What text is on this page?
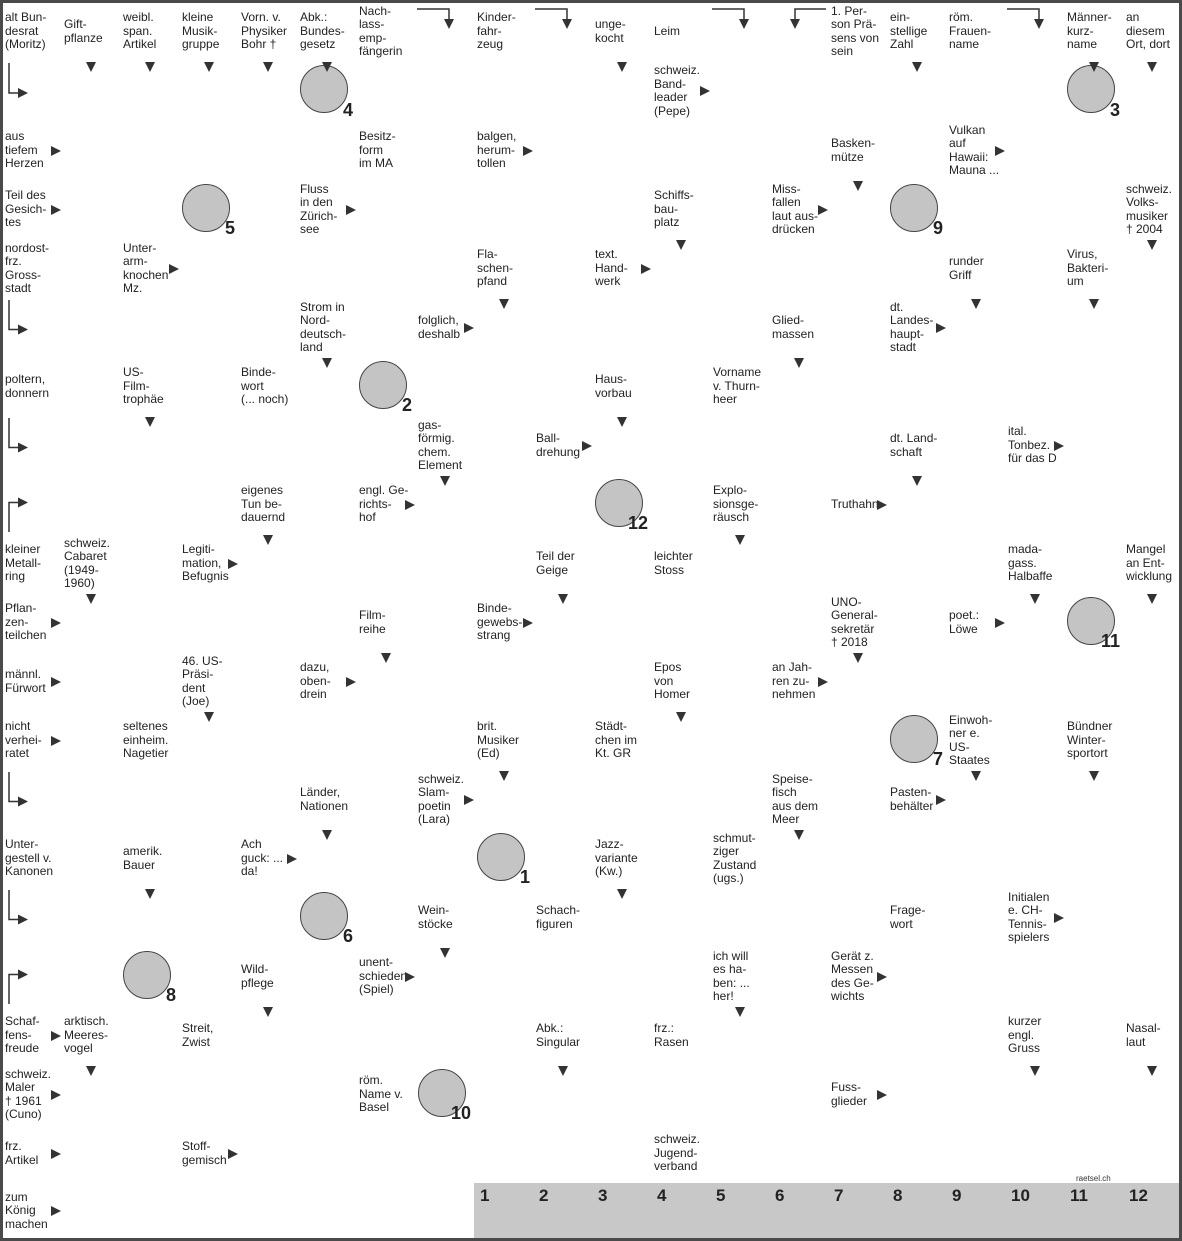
alt Bun-
desrat
(Moritz)
Gift-
pflanze
weibl.
span.
Artikel
kleine
Musik-
gruppe
Vorn. v.
Physiker
Bohr †
Abk.:
Bundes-
gesetz
Nach-
lass-
emp-
fängerin
Kinder-
fahr-
zeug
unge-
kocht	Leim
1. Per-
son Prä-
sens von
sein
ein-
stellige
Zahl
röm.
Frauen-
name
Männer-
kurz-
name
an
diesem
Ort, dort
4
schweiz.
Band-
leader
(Pepe)	3
aus
tiefem
Herzen
Besitz-
form
im MA
balgen,
herum-
tollen
Basken-
mütze
Vulkan
auf
Hawaii:
Mauna ...
Teil des
Gesich-
tes	5
Fluss
in den
Zürich-
see
Schiffs-
bau-
platz
Miss-
fallen
laut aus-
drücken	9
schweiz.
Volks-
musiker
† 2004
nordost-
frz.
Gross-
stadt
Unter-
arm-
knochen
Mz.
Fla-
schen-
pfand
text.
Hand-
werk
runder
Griff
Virus,
Bakteri-
um
Strom in
Nord-
deutsch-
land
folglich,
deshalb
Glied-
massen
dt.
Landes-
haupt-
stadt
poltern,
donnern
US-
Film-
trophäe
Binde-
wort
(... noch)	2
Haus-
vorbau
Vorname
v. Thurn-
heer
gas-
förmig.
chem.
Element
Ball-
drehung
dt. Land-
schaft
ital.
Tonbez.
für das D
eigenes
Tun be-
dauernd
engl. Ge-
richts-
hof	12
Explo-
sionsge-
räusch
Truthahn
kleiner
Metall-
ring
schweiz.
Cabaret
(1949-
1960)
Legiti-
mation,
Befugnis
Teil der
Geige
leichter
Stoss
mada-
gass.
Halbaffe
Mangel
an Ent-
wicklung
Pflan-
zen-
teilchen
Film-
reihe
Binde-
gewebs-
strang
UNO-
General-
sekretär
† 2018
poet.:
Löwe
11
männl.
Fürwort
46. US-
Präsi-
dent
(Joe)
dazu,
oben-
drein
Epos
von
Homer
an Jah-
ren zu-
nehmen
nicht
verhei-
ratet
seltenes
einheim.
Nagetier
brit.
Musiker
(Ed)
Städt-
chen im
Kt. GR	7
Einwoh-
ner e.
US-
Staates
Bündner
Winter-
sportort
Länder,
Nationen
schweiz.
Slam-
poetin
(Lara)
Speise-
fisch
aus dem
Meer
Pasten-
behälter
Unter-
gestell v.
Kanonen
amerik.
Bauer
Ach
guck: ...
da!	1
Jazz-
variante
(Kw.)
schmut-
ziger
Zustand
(ugs.)
6
Wein-
stöcke
Schach-
figuren
Frage-
wort
Initialen
e. CH-
Tennis-
spielers
8
Wild-
pflege
unent-
schieden
(Spiel)
ich will
es ha-
ben: ...
her!
Gerät z.
Messen
des Ge-
wichts
Schaf-
fens-
freude
arktisch.
Meeres-
vogel
Streit,
Zwist
Abk.:
Singular
frz.:
Rasen
kurzer
engl.
Gruss
Nasal-
laut
schweiz.
Maler
† 1961
(Cuno)
röm.
Name v.
Basel	10
Fuss-
glieder
frz.
Artikel
Stoff-
gemisch
schweiz.
Jugend-
verband
zum
König
machen
1	2	3	4	5	6	7	8	9	10 11 12
raetsel.ch
